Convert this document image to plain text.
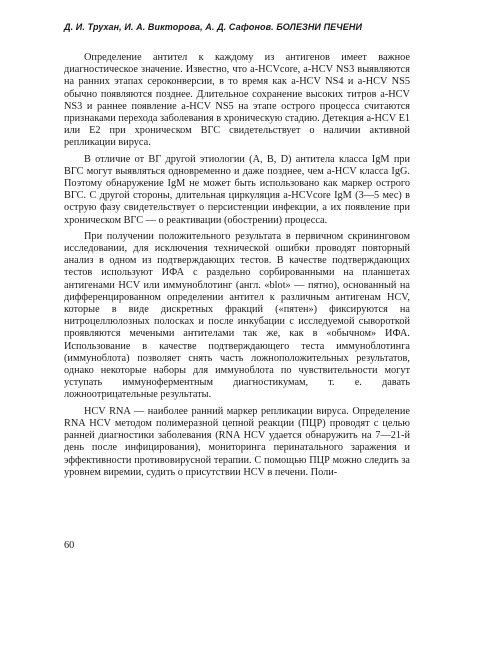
Д. И. Трухан, И. А. Викторова, А. Д. Сафонов. БОЛЕЗНИ ПЕЧЕНИ

Определение антител к каждому из антигенов имеет важное диагностическое значение. Известно, что a-HCVcore, a-HCV NS3 выявляются на ранних этапах сероконверсии, в то время как a-HCV NS4 и a-HCV NS5 обычно появляются позднее. Длительное сохранение высоких титров a-HCV NS3 и раннее появление a-HCV NS5 на этапе острого процесса считаются признаками перехода заболевания в хроническую стадию. Детекция a-HCV E1 или E2 при хроническом ВГС свидетельствует о наличии активной репликации вируса.

В отличие от ВГ другой этиологии (A, B, D) антитела класса IgM при ВГС могут выявляться одновременно и даже позднее, чем a-HCV класса IgG. Поэтому обнаружение IgM не может быть использовано как маркер острого ВГС. С другой стороны, длительная циркуляция a-HCVcore IgM (3—5 мес) в острую фазу свидетельствует о персистенции инфекции, а их появление при хроническом ВГС — о реактивации (обострении) процесса.

При получении положительного результата в первичном скрининговом исследовании, для исключения технической ошибки проводят повторный анализ в одном из подтверждающих тестов. В качестве подтверждающих тестов используют ИФА с раздельно сорбированными на планшетах антигенами HCV или иммуноблотинг (англ. «blot» — пятно), основанный на дифференцированном определении антител к различным антигенам HCV, которые в виде дискретных фракций («пятен») фиксируются на нитроцеллюлозных полосках и после инкубации с исследуемой сывороткой проявляются мечеными антителами так же, как в «обычном» ИФА. Использование в качестве подтверждающего теста иммуноблотинга (иммуноблота) позволяет снять часть ложноположительных результатов, однако некоторые наборы для иммуноблота по чувствительности могут уступать иммуноферментным диагностикумам, т. е. давать ложноотрицательные результаты.

HCV RNA — наиболее ранний маркер репликации вируса. Определение RNA HCV методом полимеразной цепной реакции (ПЦР) проводят с целью ранней диагностики заболевания (RNA HCV удается обнаружить на 7—21-й день после инфицирования), мониторинга перинатального заражения и эффективности противовирусной терапии. С помощью ПЦР можно следить за уровнем виремии, судить о присутствии HCV в печени. Поли-

60
